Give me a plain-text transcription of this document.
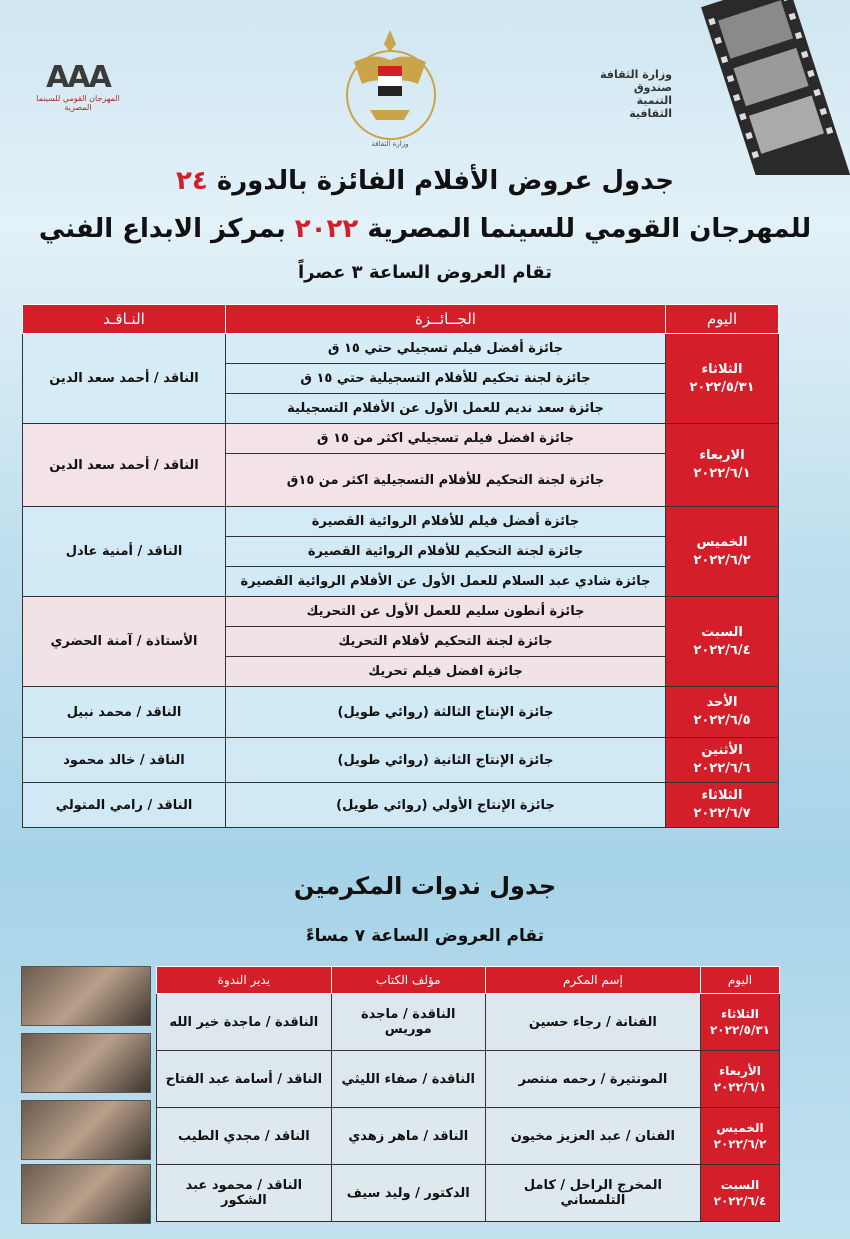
AAA
المهرجان القومي للسينما المصرية
وزارة الثقافة
وزارة الثقافة
صندوق التنمية الثقافية
جدول عروض الأفلام الفائزة بالدورة ٢٤
للمهرجان القومي للسينما المصرية ٢٠٢٢ بمركز الابداع الفني
تقام العروض الساعة ٣ عصراً
اليوم	الجــائــزة	النـاقـد

الثلاثاء
٢٠٢٢/٥/٣١	جائزة أفضل فيلم تسجيلي حتي ١٥ ق	الناقد / أحمد سعد الدين
	جائزة لجنة تحكيم للأفلام التسجيلية حتي ١٥ ق	
	جائزة سعد نديم للعمل الأول عن الأفلام التسجيلية	

الاربعاء
٢٠٢٢/٦/١	جائزة افضل فيلم تسجيلي اكثر من ١٥ ق	الناقد / أحمد سعد الدين
	جائزة لجنة التحكيم للأفلام التسجيلية اكثر من ١٥ق	

الخميس
٢٠٢٢/٦/٢	جائزة أفضل فيلم للأفلام الروائية القصيرة	الناقد / أمنية عادل
	جائزة لجنة التحكيم للأفلام الروائية القصيرة	
	جائزة شادي عبد السلام للعمل الأول عن الأفلام الروائية القصيرة	

السبت
٢٠٢٢/٦/٤	جائزة أنطون سليم للعمل الأول عن التحريك	الأستاذة / آمنة الحضري
	جائزة لجنة التحكيم لأفلام التحريك	
	جائزة افضل فيلم تحريك	

الأحد
٢٠٢٢/٦/٥	جائزة الإنتاج الثالثة (روائي طويل)	الناقد / محمد نبيل

الأثنين
٢٠٢٢/٦/٦	جائزة الإنتاج الثانية (روائي طويل)	الناقد / خالد محمود

الثلاثاء
٢٠٢٢/٦/٧	جائزة الإنتاج الأولي (روائي طويل)	الناقد / رامي المتولي
جدول ندوات المكرمين
تقام العروض الساعة ٧ مساءً
اليوم	إسم المكرم	مؤلف الكتاب	يدير الندوة

الثلاثاء
٢٠٢٢/٥/٣١	الفنانة / رجاء حسين	الناقدة / ماجدة موريس	الناقدة / ماجدة خير الله

الأربعاء
٢٠٢٢/٦/١	المونتيرة / رحمه منتصر	الناقدة / صفاء الليثي	الناقد / أسامة عبد الفتاح

الخميس
٢٠٢٢/٦/٢	الفنان / عبد العزيز مخيون	الناقد / ماهر زهدي	الناقد / مجدي الطيب

السبت
٢٠٢٢/٦/٤	المخرج الراحل / كامل التلمساني	الدكتور / وليد سيف	الناقد / محمود عبد الشكور
